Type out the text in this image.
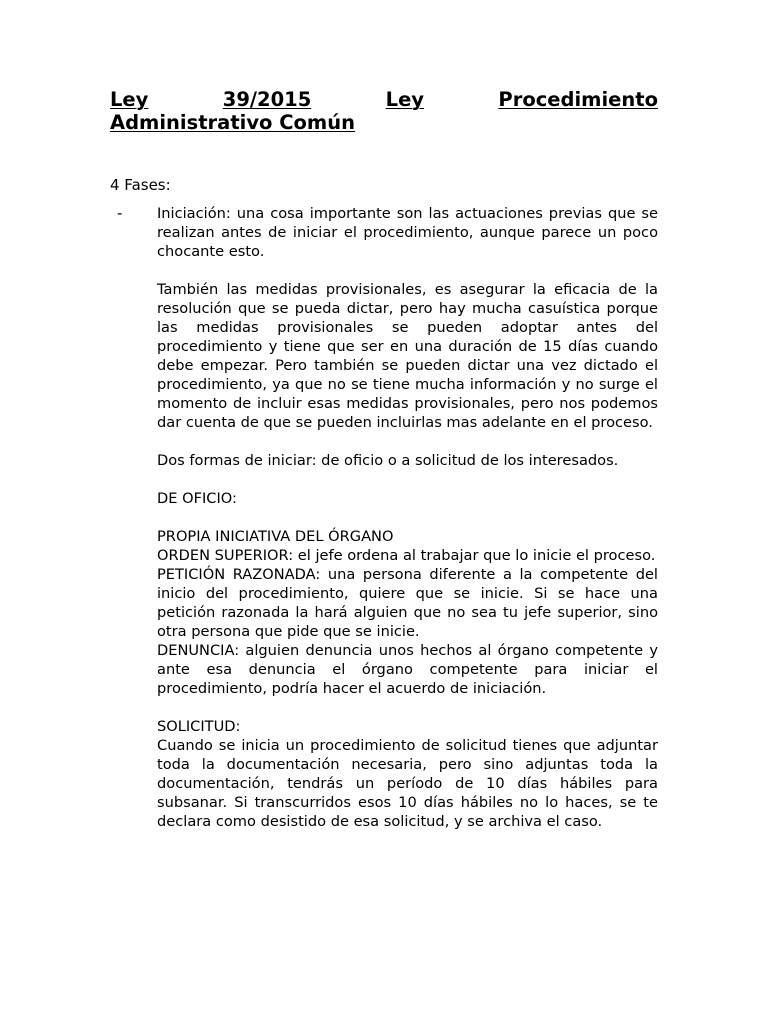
Ley	39/2015	Ley	Procedimiento
Administrativo Común

4 Fases:

- Iniciación: una cosa importante son las actuaciones previas que se realizan antes de iniciar el procedimiento, aunque parece un poco chocante esto.

También las medidas provisionales, es asegurar la eficacia de la resolución que se pueda dictar, pero hay mucha casuística porque las medidas provisionales se pueden adoptar antes del procedimiento y tiene que ser en una duración de 15 días cuando debe empezar. Pero también se pueden dictar una vez dictado el procedimiento, ya que no se tiene mucha información y no surge el momento de incluir esas medidas provisionales, pero nos podemos dar cuenta de que se pueden incluirlas mas adelante en el proceso.

Dos formas de iniciar: de oficio o a solicitud de los interesados.

DE OFICIO:

PROPIA INICIATIVA DEL ÓRGANO

ORDEN SUPERIOR: el jefe ordena al trabajar que lo inicie el proceso.

PETICIÓN RAZONADA: una persona diferente a la competente del inicio del procedimiento, quiere que se inicie. Si se hace una petición razonada la hará alguien que no sea tu jefe superior, sino otra persona que pide que se inicie.

DENUNCIA: alguien denuncia unos hechos al órgano competente y ante esa denuncia el órgano competente para iniciar el procedimiento, podría hacer el acuerdo de iniciación.

SOLICITUD:

Cuando se inicia un procedimiento de solicitud tienes que adjuntar toda la documentación necesaria, pero sino adjuntas toda la documentación, tendrás un período de 10 días hábiles para subsanar. Si transcurridos esos 10 días hábiles no lo haces, se te declara como desistido de esa solicitud, y se archiva el caso.
